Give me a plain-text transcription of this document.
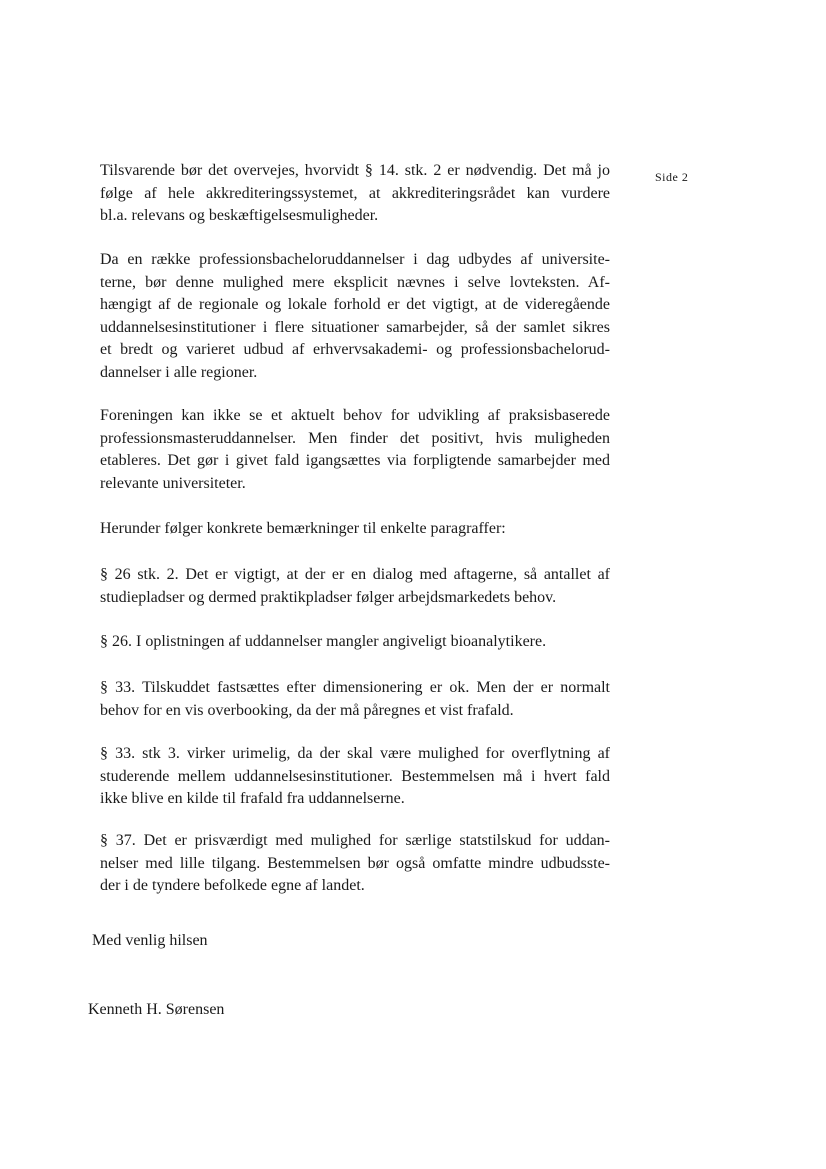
Side 2

Tilsvarende bør det overvejes, hvorvidt § 14. stk. 2 er nødvendig. Det må jo
følge af hele akkrediteringssystemet, at akkrediteringsrådet kan vurdere
bl.a. relevans og beskæftigelsesmuligheder.

Da en række professionsbacheloruddannelser i dag udbydes af universite-
terne, bør denne mulighed mere eksplicit nævnes i selve lovteksten. Af-
hængigt af de regionale og lokale forhold er det vigtigt, at de videregående
uddannelsesinstitutioner i flere situationer samarbejder, så der samlet sikres
et bredt og varieret udbud af erhvervsakademi- og professionsbachelorud-
dannelser i alle regioner.

Foreningen kan ikke se et aktuelt behov for udvikling af praksisbaserede
professionsmasteruddannelser. Men finder det positivt, hvis muligheden
etableres. Det gør i givet fald igangsættes via forpligtende samarbejder med
relevante universiteter.

Herunder følger konkrete bemærkninger til enkelte paragraffer:

§ 26 stk. 2. Det er vigtigt, at der er en dialog med aftagerne, så antallet af
studiepladser og dermed praktikpladser følger arbejdsmarkedets behov.

§ 26. I oplistningen af uddannelser mangler angiveligt bioanalytikere.

§ 33. Tilskuddet fastsættes efter dimensionering er ok. Men der er normalt
behov for en vis overbooking, da der må påregnes et vist frafald.

§ 33. stk 3. virker urimelig, da der skal være mulighed for overflytning af
studerende mellem uddannelsesinstitutioner. Bestemmelsen må i hvert fald
ikke blive en kilde til frafald fra uddannelserne.

§ 37. Det er prisværdigt med mulighed for særlige statstilskud for uddan-
nelser med lille tilgang. Bestemmelsen bør også omfatte mindre udbudsste-
der i de tyndere befolkede egne af landet.

Med venlig hilsen

Kenneth H. Sørensen
